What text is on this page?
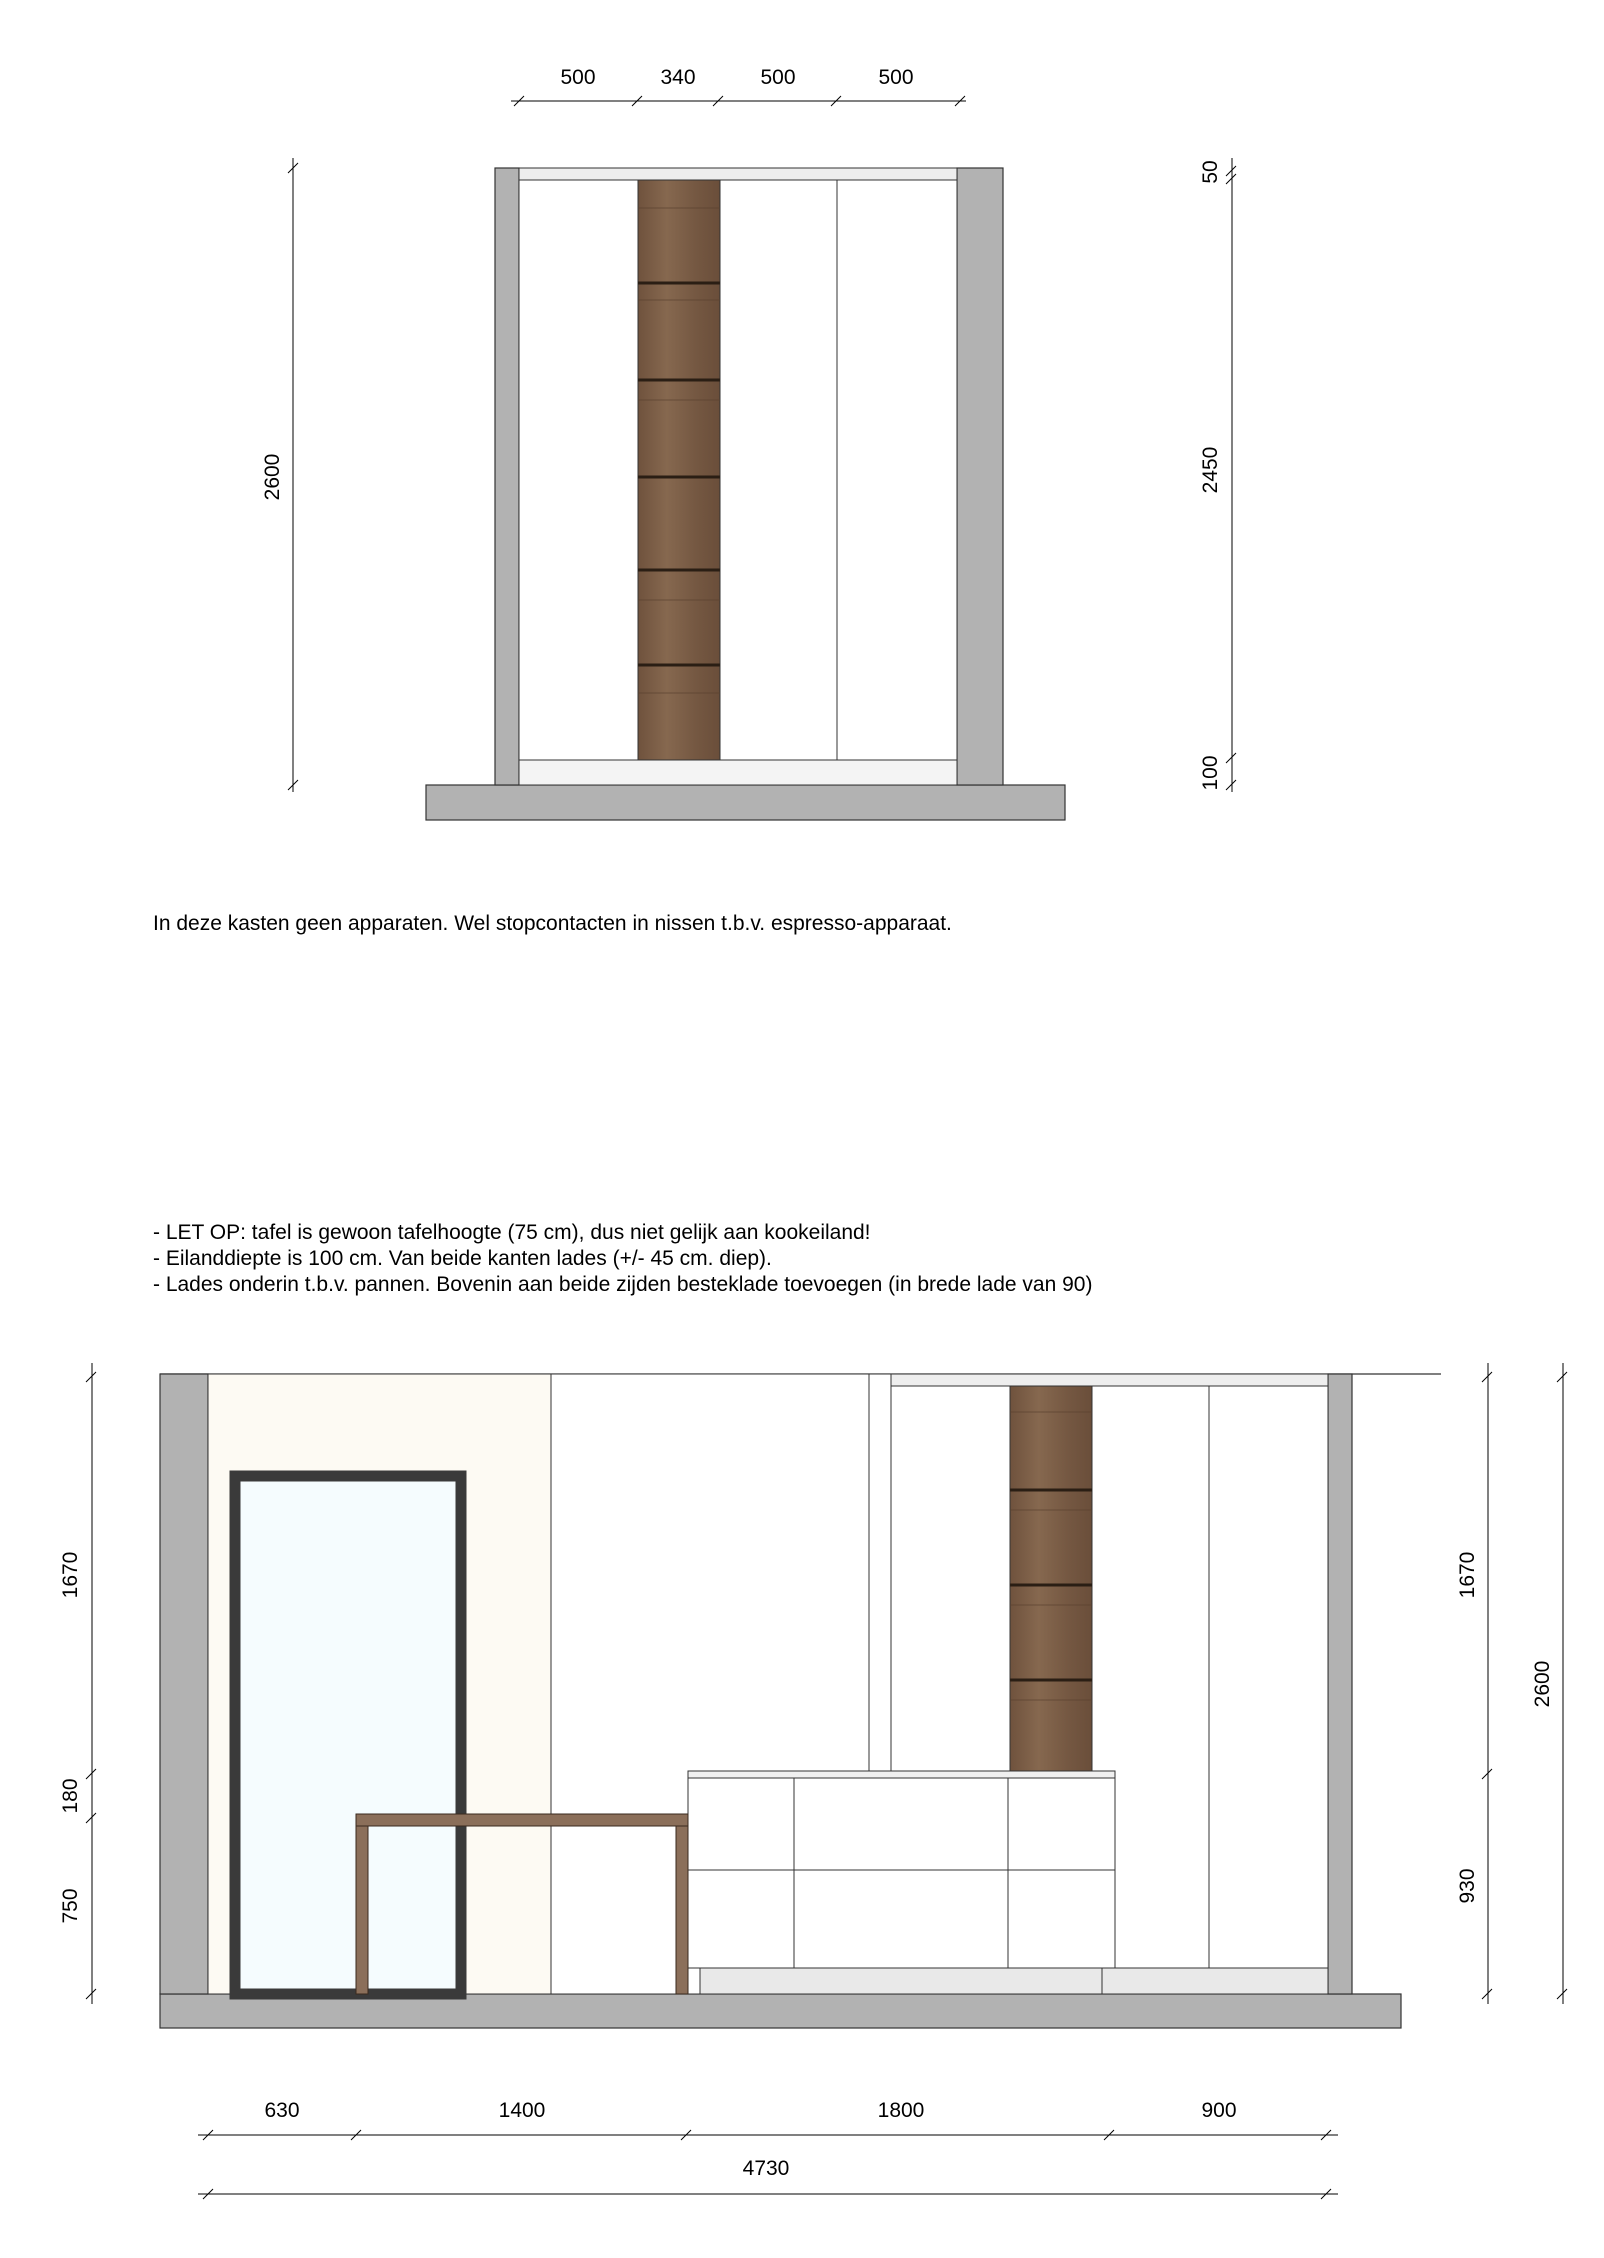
500	340	500	500
2600
50
2450
100
1670
180
750
1670
930
2600
630	1400	1800	900
4730

In deze kasten geen apparaten. Wel stopcontacten in nissen t.b.v. espresso-apparaat.

- LET OP: tafel is gewoon tafelhoogte (75 cm), dus niet gelijk aan kookeiland!

- Eilanddiepte is 100 cm. Van beide kanten lades (+/- 45 cm. diep).

- Lades onderin t.b.v. pannen. Bovenin aan beide zijden besteklade toevoegen (in brede lade van 90)
